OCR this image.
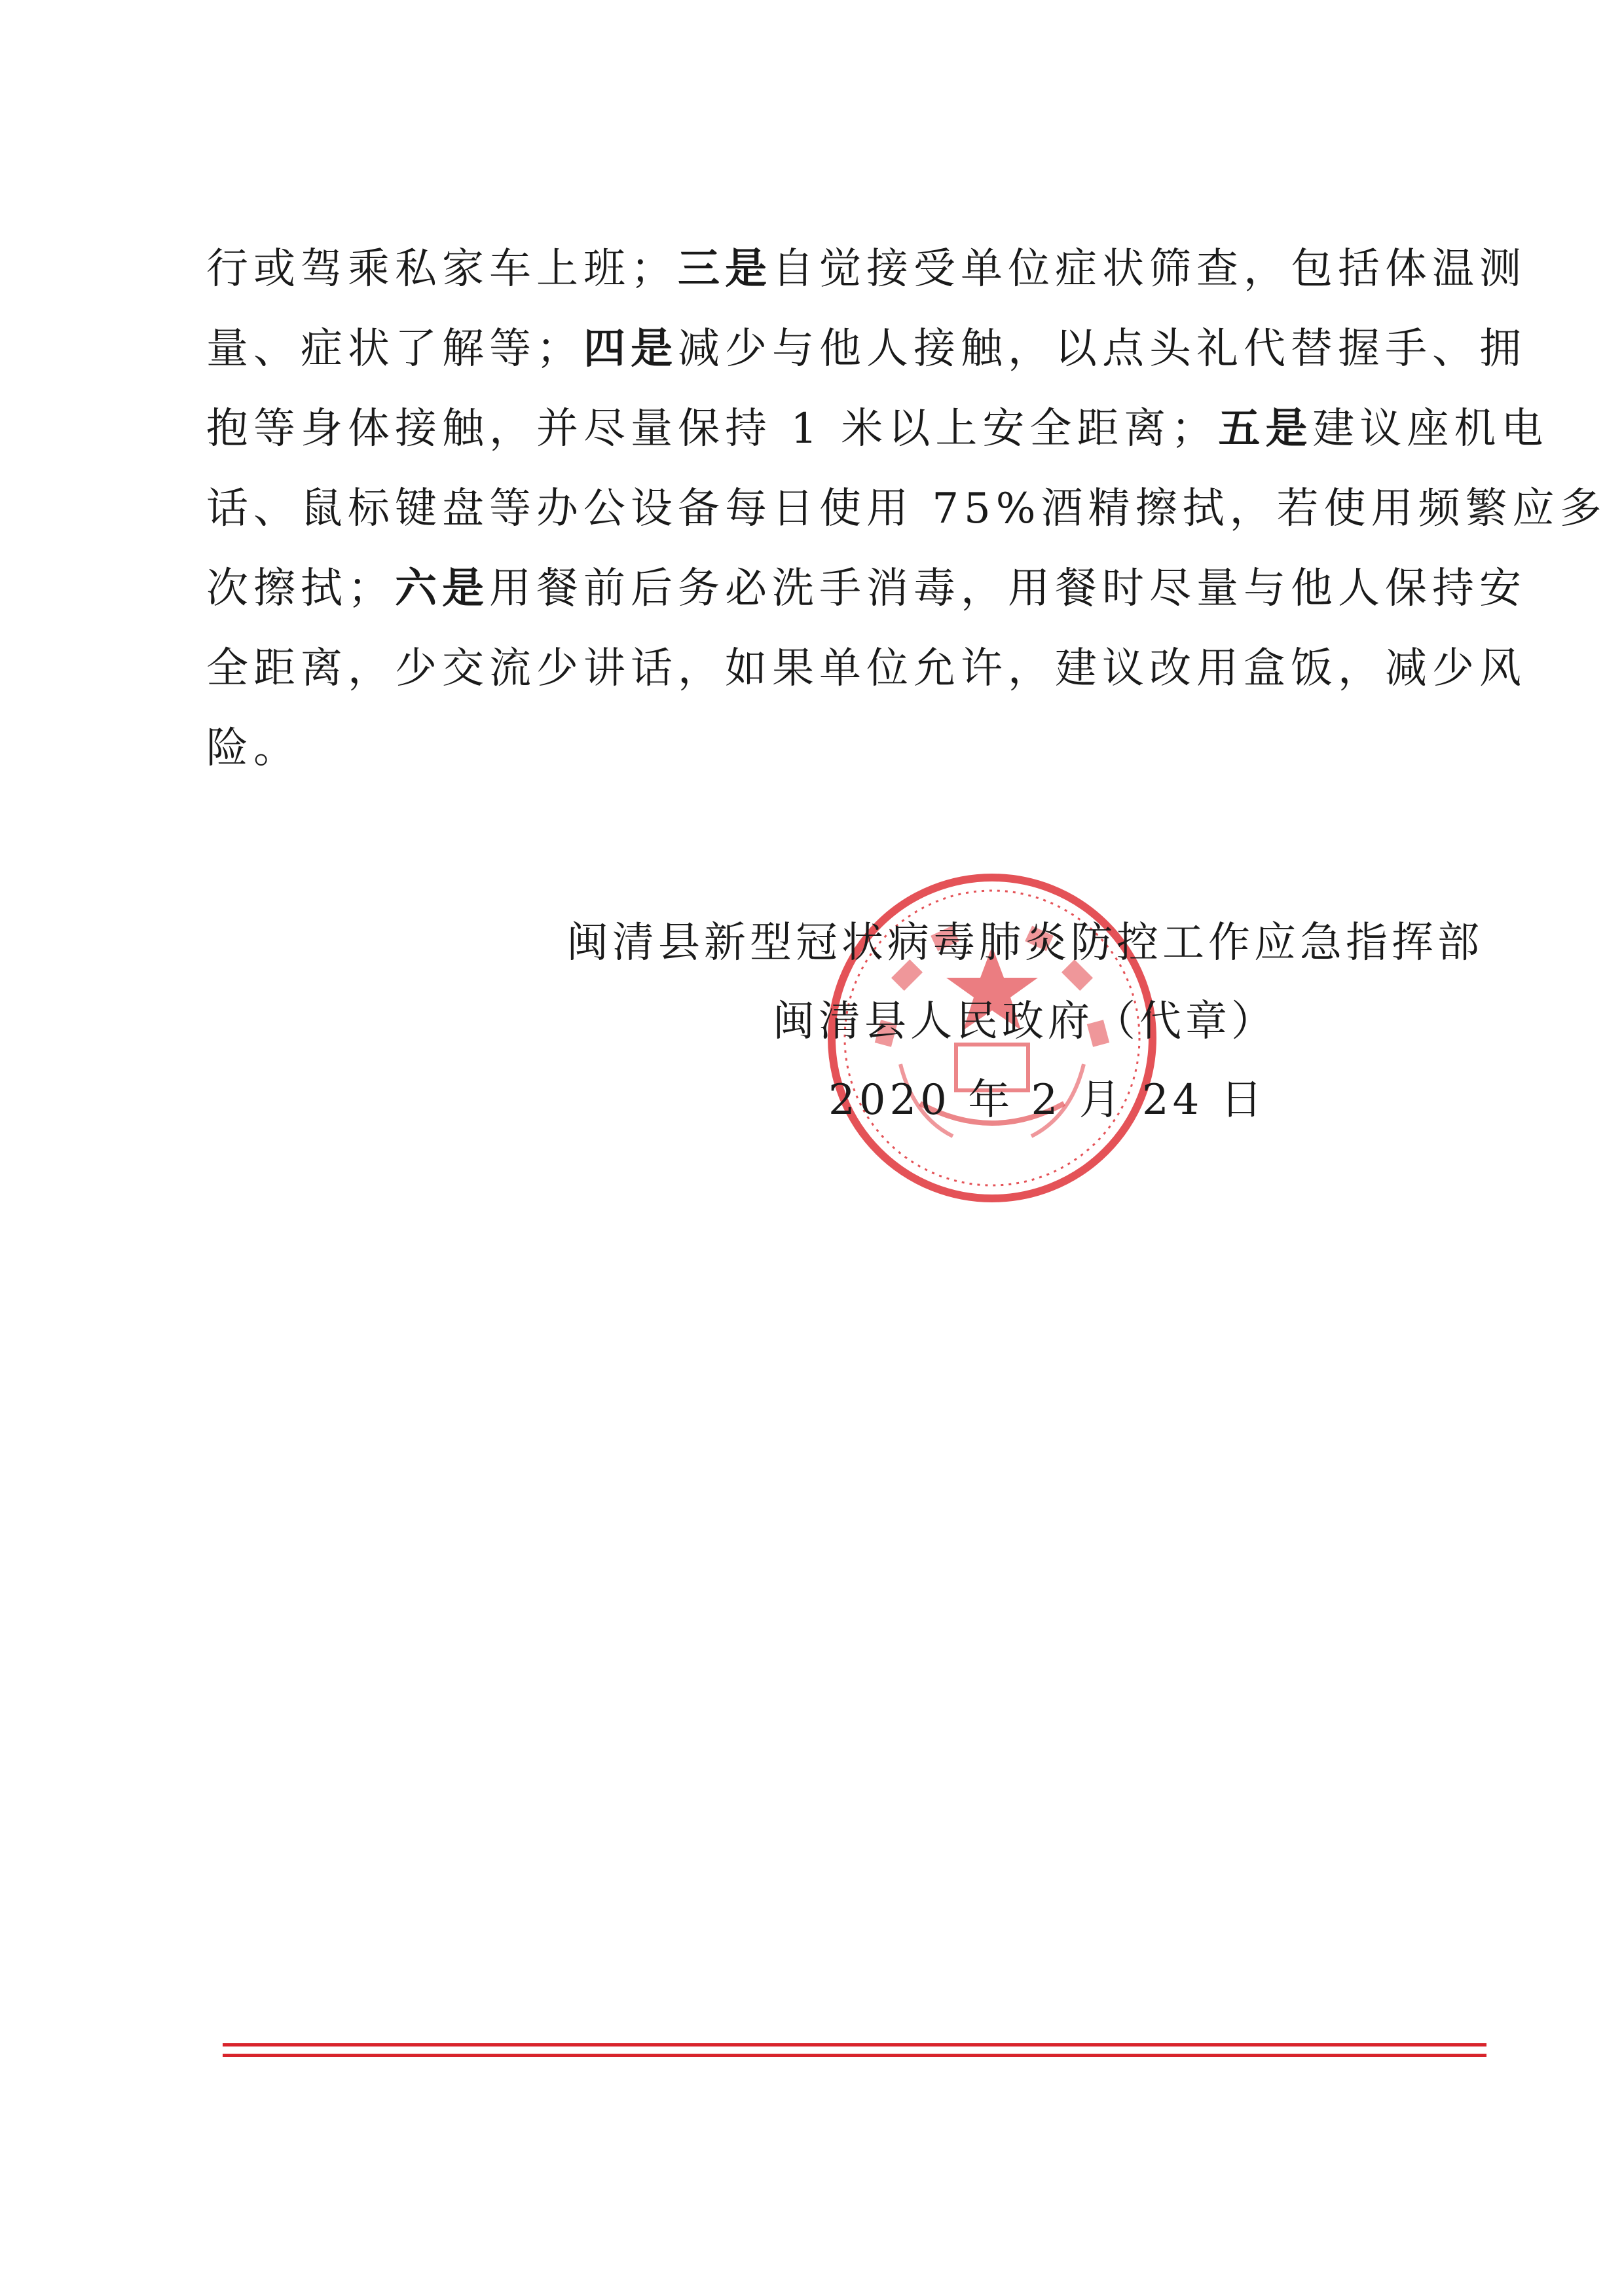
行或驾乘私家车上班；三是自觉接受单位症状筛查，包括体温测
量、症状了解等；四是减少与他人接触，以点头礼代替握手、拥
抱等身体接触，并尽量保持 1 米以上安全距离；五是建议座机电
话、鼠标键盘等办公设备每日使用 75%酒精擦拭，若使用频繁应多
次擦拭；六是用餐前后务必洗手消毒，用餐时尽量与他人保持安
全距离，少交流少讲话，如果单位允许，建议改用盒饭，减少风
险。
闽清县新型冠状病毒肺炎防控工作应急指挥部
闽清县人民政府（代章）
2020 年 2 月 24 日
